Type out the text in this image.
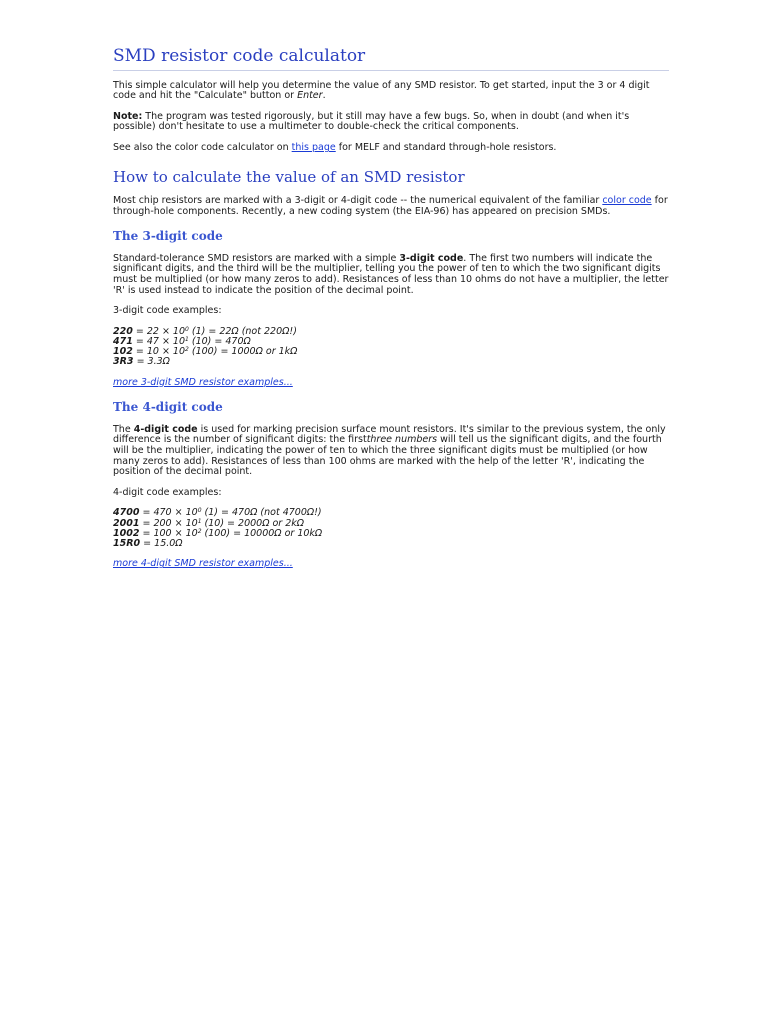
SMD resistor code calculator

This simple calculator will help you determine the value of any SMD resistor. To get started, input the 3 or 4 digit code and hit the "Calculate" button or Enter.

Note: The program was tested rigorously, but it still may have a few bugs. So, when in doubt (and when it's possible) don't hesitate to use a multimeter to double-check the critical components.

See also the color code calculator on this page for MELF and standard through-hole resistors.

How to calculate the value of an SMD resistor

Most chip resistors are marked with a 3-digit or 4-digit code -- the numerical equivalent of the familiar color code for through-hole components. Recently, a new coding system (the EIA-96) has appeared on precision SMDs.

The 3-digit code

Standard-tolerance SMD resistors are marked with a simple 3-digit code. The first two numbers will indicate the significant digits, and the third will be the multiplier, telling you the power of ten to which the two significant digits must be multiplied (or how many zeros to add). Resistances of less than 10 ohms do not have a multiplier, the letter 'R' is used instead to indicate the position of the decimal point.

3-digit code examples:

$220 = 22 \times 10^0$ (1) = 22Ω (not 220Ω!)
$471 = 47 \times 10^1$ (10) = 470Ω
$102 = 10 \times 10^2$ (100) = 1000Ω or 1kΩ
3R3 = 3.3Ω

more 3-digit SMD resistor examples...

The 4-digit code

The 4-digit code is used for marking precision surface mount resistors. It's similar to the previous system, the only difference is the number of significant digits: the firstthree numbers will tell us the significant digits, and the fourth will be the multiplier, indicating the power of ten to which the three significant digits must be multiplied (or how many zeros to add). Resistances of less than 100 ohms are marked with the help of the letter 'R', indicating the position of the decimal point.

4-digit code examples:

$4700 = 470 \times 10^0$ (1) = 470Ω (not 4700Ω!)
$2001 = 200 \times 10^1$ (10) = 2000Ω or 2kΩ
$1002 = 100 \times 10^2$ (100) = 10000Ω or 10kΩ
15R0 = 15.0Ω

more 4-digit SMD resistor examples...
